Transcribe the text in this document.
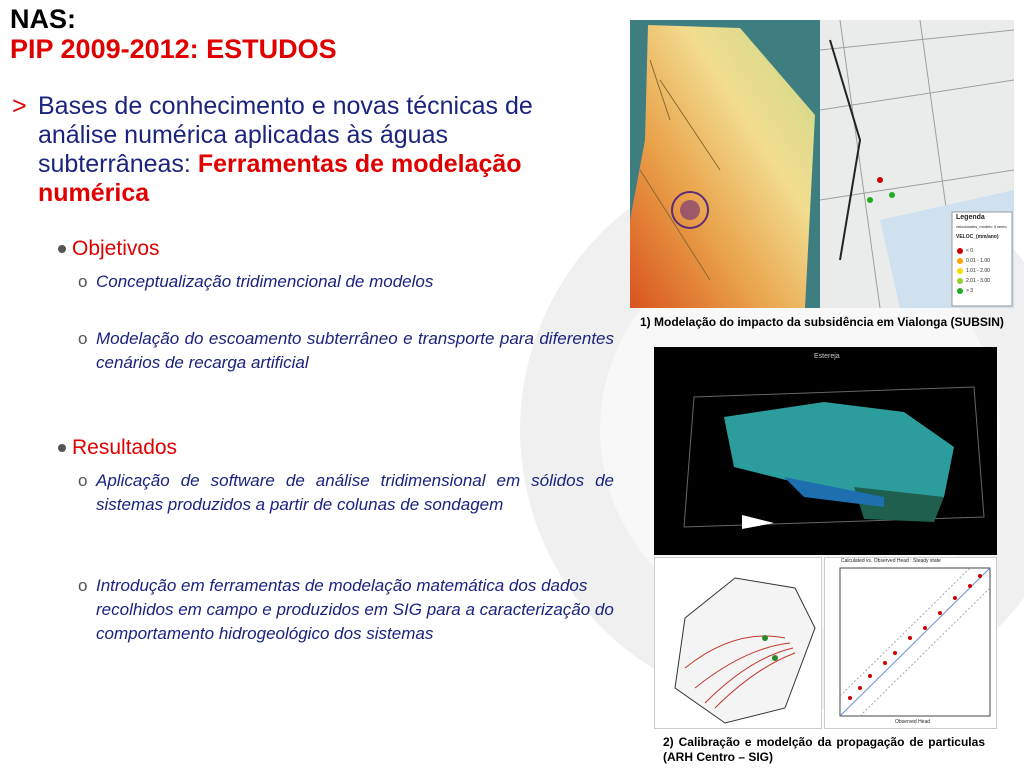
NAS:
PIP 2009-2012: ESTUDOS
> Bases de conhecimento e novas técnicas de análise numérica aplicadas às águas subterrâneas: Ferramentas de modelação numérica
Objetivos
o Conceptualização tridimencional de modelos
o Modelação do escoamento subterrâneo e transporte para diferentes cenários de recarga artificial
Resultados
o Aplicação de software de análise tridimensional em sólidos de sistemas produzidos a partir de colunas de sondagem
o Introdução em ferramentas de modelação matemática dos dados recolhidos em campo e produzidos em SIG para a caracterização do comportamento hidrogeológico dos sistemas
Legenda
velocidades_modelo II vento
VELOC_(mm/ano)
< 0
0.01 - 1.00
1.01 - 2.00
2.01 - 3.00
> 3
1) Modelação do impacto da subsidência em Vialonga (SUBSIN)
Estereja
Calculated vs. Observed Head : Steady state
Observed Head
2) Calibração e modelção da propagação de particulas (ARH Centro – SIG)
